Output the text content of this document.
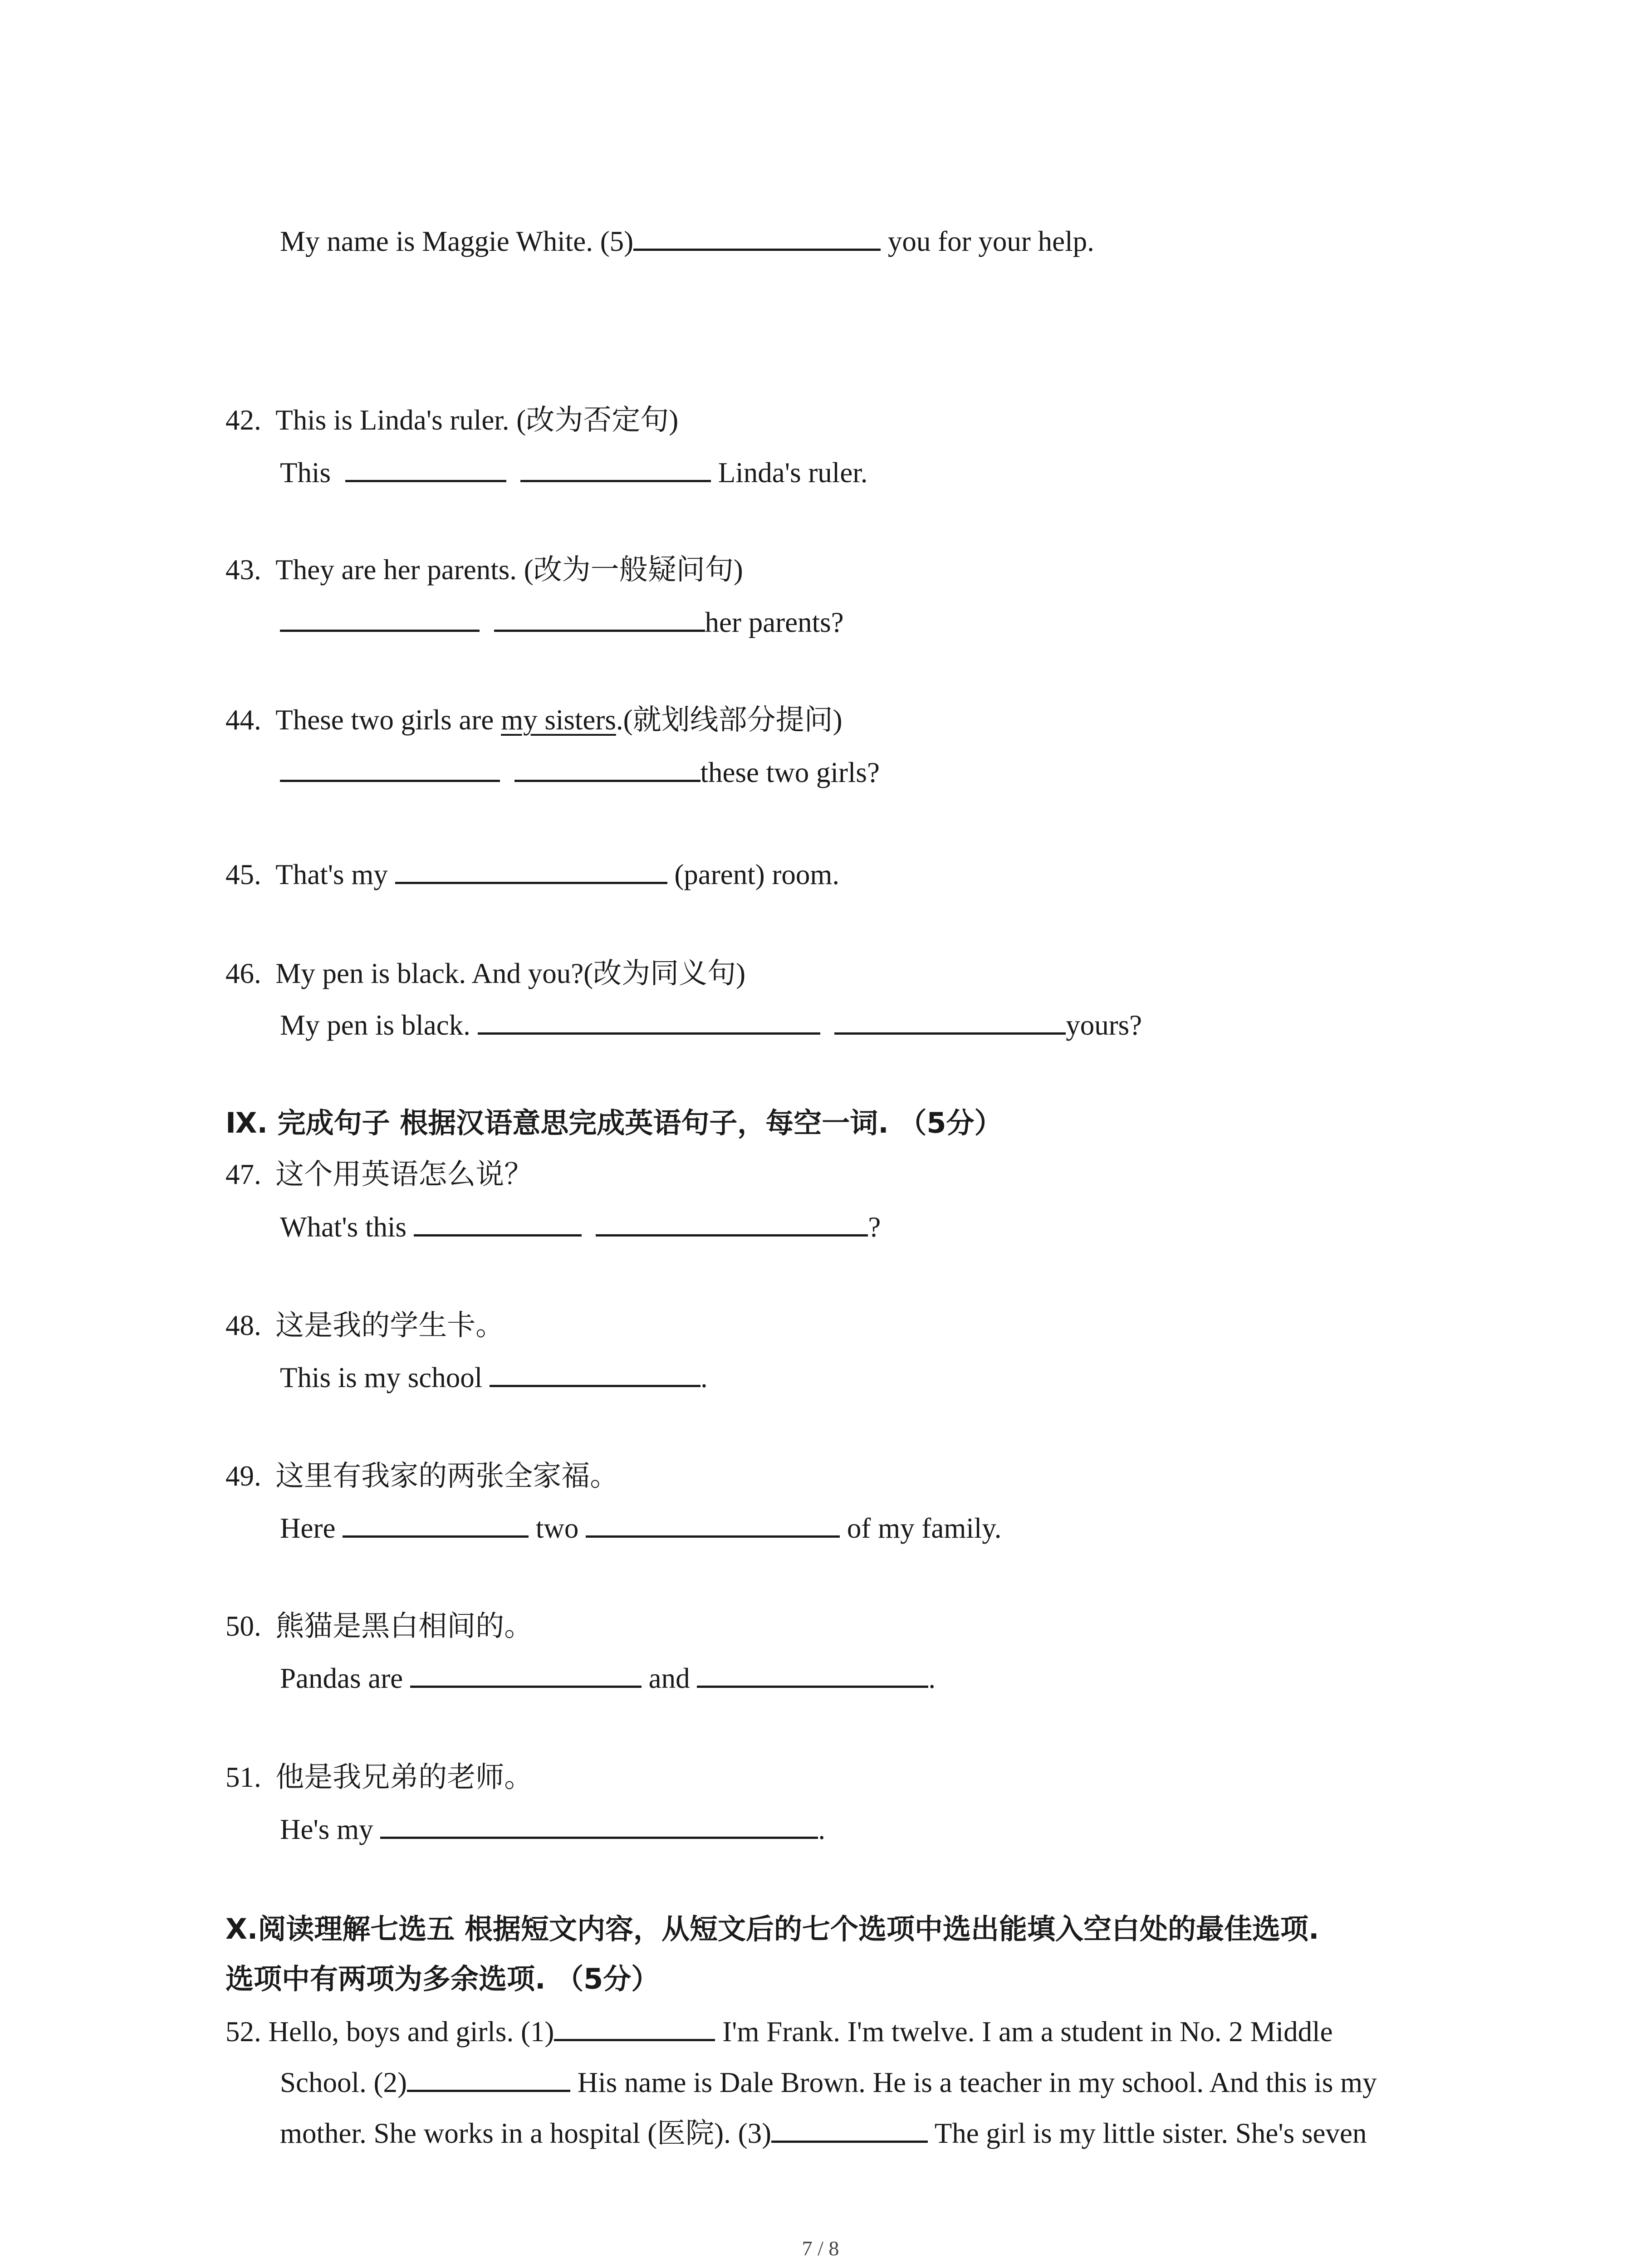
My name is Maggie White. (5)	you for your help.
42. This is Linda's ruler. (改为否定句)
This	Linda's ruler.
43. They are her parents. (改为一般疑问句)
her parents?
44. These two girls are my sisters.(就划线部分提问)
these two girls?
45. That's my	(parent) room.
46. My pen is black. And you?(改为同义句)
My pen is black.	yours?
Ⅸ. 完成句子 根据汉语意思完成英语句子，每空一词. （5分）
47. 这个用英语怎么说？
What's this	?
48. 这是我的学生卡。
This is my school	.
49. 这里有我家的两张全家福。
Here	two	of my family.
50. 熊猫是黑白相间的。
Pandas are	and	.
51. 他是我兄弟的老师。
He's my	.
X.阅读理解七选五 根据短文内容，从短文后的七个选项中选出能填入空白处的最佳选项.
选项中有两项为多余选项. （5分）
52. Hello, boys and girls. (1)	I'm Frank. I'm twelve. I am a student in No. 2 Middle
School. (2)	His name is Dale Brown. He is a teacher in my school. And this is my
mother. She works in a hospital (医院). (3)	The girl is my little sister. She's seven
7 / 8
